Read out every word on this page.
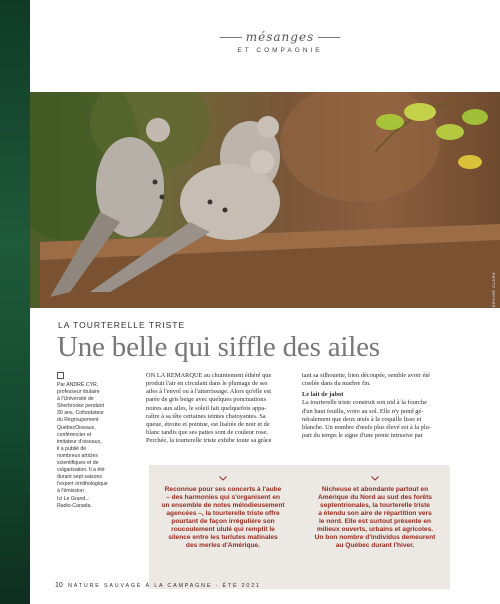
mésanges
ET COMPAGNIE
DENISE CLARK
LA TOURTERELLE TRISTE
Une belle qui siffle des ailes
Par ANDRÉ CYR,
professeur titulaire
à l'Université de
Sherbrooke pendant
30 ans. Cofondateur
du Regroupement
QuébecOiseaux,
conférencier et
imitateur d'oiseaux,
il a publié de
nombreux articles
scientifiques et de
vulgarisation. Il a été
durant sept saisons
l'expert ornithologique
à l'émission
Ici Le Grand...
Radio-Canada.
ON LA REMARQUE au chuintement éthéré que
produit l'air en circulant dans le plumage de ses
ailes à l'envol ou à l'atterrissage. Alors qu'elle est
parée de gris beige avec quelques ponctuations
noires aux ailes, le soleil fait quelquefois appa-
raître à sa tête certaines teintes chatoyantes. Sa
queue, étroite et pointue, est lisérée de noir et de
blanc tandis que ses pattes sont de couleur rose.
Perchée, la tourterelle triste exhibe toute sa grâce
tant sa silhouette, bien découpée, semble avoir été
ciselée dans du marbre fin.
Le lait de jabot
La tourterelle triste construit son nid à la fourche
d'un haut feuillu, voire au sol. Elle n'y pond gé-
néralement que deux œufs à la coquille lisse et
blanche. Un nombre d'œufs plus élevé est à la plu-
part du temps le signe d'une ponte intrusive par
Reconnue pour ses concerts à l'aube
– des harmonies qui s'organisent en
un ensemble de notes mélodieusement
agencées –, la tourterelle triste offre
pourtant de façon irrégulière son
roucoulement ululé qui remplit le
silence entre les turlutes matinales
des merles d'Amérique.
Nicheuse et abondante partout en
Amérique du Nord au sud des forêts
septentrionales, la tourterelle triste
a étendu son aire de répartition vers
le nord. Elle est surtout présente en
milieux ouverts, urbains et agricoles.
Un bon nombre d'individus demeurent
au Québec durant l'hiver.
10 NATURE SAUVAGE À LA CAMPAGNE · ÉTÉ 2021
